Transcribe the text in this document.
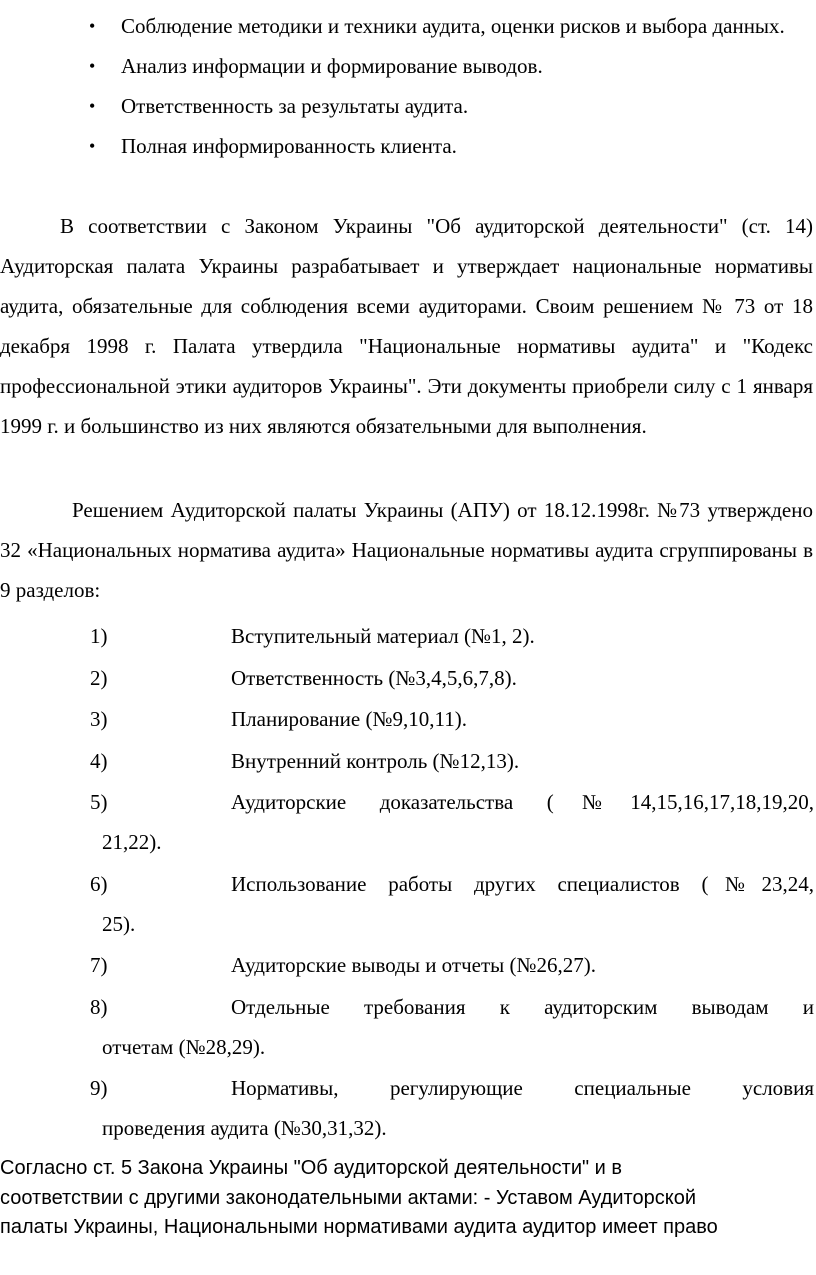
•	Соблюдение методики и техники аудита, оценки рисков и выбора данных.
•	Анализ информации и формирование выводов.
•	Ответственность за результаты аудита.
•	Полная информированность клиента.

В соответствии с Законом Украины "Об аудиторской деятельности" (ст. 14) Аудиторская палата Украины разрабатывает и утверждает национальные нормативы аудита, обязательные для соблюдения всеми аудиторами. Своим решением № 73 от 18 декабря 1998 г. Палата утвердила "Национальные нормативы аудита" и "Кодекс профессиональной этики аудиторов Украины". Эти документы приобрели силу с 1 января 1999 г. и большинство из них являются обязательными для выполнения.

Решением Аудиторской палаты Украины (АПУ) от 18.12.1998г. №73 утверждено 32 «Национальных норматива аудита» Национальные нормативы аудита сгруппированы в 9 разделов:

1)	Вступительный материал (№1, 2).
2)	Ответственность (№3,4,5,6,7,8).
3)	Планирование (№9,10,11).
4)	Внутренний контроль (№12,13).
5)	Аудиторские доказательства (№14,15,16,17,18,19,20,
21,22).
6)	Использование работы других специалистов (№23,24,
25).
7)	Аудиторские выводы и отчеты (№26,27).
8)	Отдельные требования к аудиторским выводам и
отчетам (№28,29).
9)	Нормативы, регулирующие специальные условия
проведения аудита (№30,31,32).

Согласно ст. 5 Закона Украины "Об аудиторской деятельности" и в
соответствии с другими законодательными актами: - Уставом Аудиторской
палаты Украины, Национальными нормативами аудита аудитор имеет право
